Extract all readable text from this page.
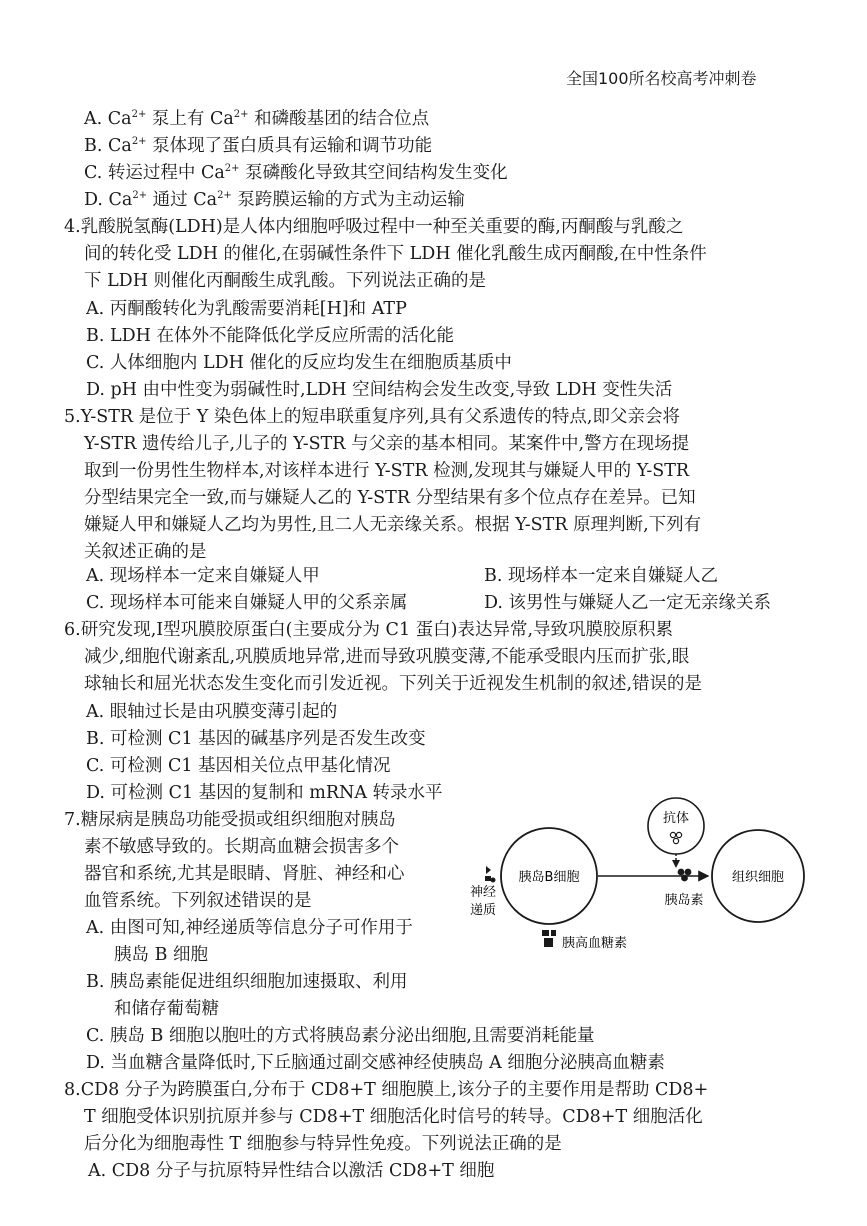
全国100所名校高考冲刺卷
A. $Ca^{2+}$ 泵上有 $Ca^{2+}$ 和磷酸基团的结合位点
B. $Ca^{2+}$ 泵体现了蛋白质具有运输和调节功能
C. 转运过程中 $Ca^{2+}$ 泵磷酸化导致其空间结构发生变化
D. $Ca^{2+}$ 通过 $Ca^{2+}$ 泵跨膜运输的方式为主动运输
4.乳酸脱氢酶(LDH)是人体内细胞呼吸过程中一种至关重要的酶,丙酮酸与乳酸之
间的转化受 LDH 的催化,在弱碱性条件下 LDH 催化乳酸生成丙酮酸,在中性条件
下 LDH 则催化丙酮酸生成乳酸。下列说法正确的是
A. 丙酮酸转化为乳酸需要消耗[H]和 ATP
B. LDH 在体外不能降低化学反应所需的活化能
C. 人体细胞内 LDH 催化的反应均发生在细胞质基质中
D. pH 由中性变为弱碱性时,LDH 空间结构会发生改变,导致 LDH 变性失活
5.Y-STR 是位于 Y 染色体上的短串联重复序列,具有父系遗传的特点,即父亲会将
Y-STR 遗传给儿子,儿子的 Y-STR 与父亲的基本相同。某案件中,警方在现场提
取到一份男性生物样本,对该样本进行 Y-STR 检测,发现其与嫌疑人甲的 Y-STR
分型结果完全一致,而与嫌疑人乙的 Y-STR 分型结果有多个位点存在差异。已知
嫌疑人甲和嫌疑人乙均为男性,且二人无亲缘关系。根据 Y-STR 原理判断,下列有
关叙述正确的是
A. 现场样本一定来自嫌疑人甲	B. 现场样本一定来自嫌疑人乙
C. 现场样本可能来自嫌疑人甲的父系亲属	D. 该男性与嫌疑人乙一定无亲缘关系
6.研究发现,Ⅰ型巩膜胶原蛋白(主要成分为 C1 蛋白)表达异常,导致巩膜胶原积累
减少,细胞代谢紊乱,巩膜质地异常,进而导致巩膜变薄,不能承受眼内压而扩张,眼
球轴长和屈光状态发生变化而引发近视。下列关于近视发生机制的叙述,错误的是
A. 眼轴过长是由巩膜变薄引起的
B. 可检测 C1 基因的碱基序列是否发生改变
C. 可检测 C1 基因相关位点甲基化情况
D. 可检测 C1 基因的复制和 mRNA 转录水平
7.糖尿病是胰岛功能受损或组织细胞对胰岛
素不敏感导致的。长期高血糖会损害多个
器官和系统,尤其是眼睛、肾脏、神经和心
血管系统。下列叙述错误的是
A. 由图可知,神经递质等信息分子可作用于
胰岛 B 细胞
B. 胰岛素能促进组织细胞加速摄取、利用
和储存葡萄糖
C. 胰岛 B 细胞以胞吐的方式将胰岛素分泌出细胞,且需要消耗能量
D. 当血糖含量降低时,下丘脑通过副交感神经使胰岛 A 细胞分泌胰高血糖素
抗体
胰岛B细胞	组织细胞
胰岛素
神经
递质
胰高血糖素
8.CD8 分子为跨膜蛋白,分布于 CD8+T 细胞膜上,该分子的主要作用是帮助 CD8+
T 细胞受体识别抗原并参与 CD8+T 细胞活化时信号的转导。CD8+T 细胞活化
后分化为细胞毒性 T 细胞参与特异性免疫。下列说法正确的是
A. CD8 分子与抗原特异性结合以激活 CD8+T 细胞
